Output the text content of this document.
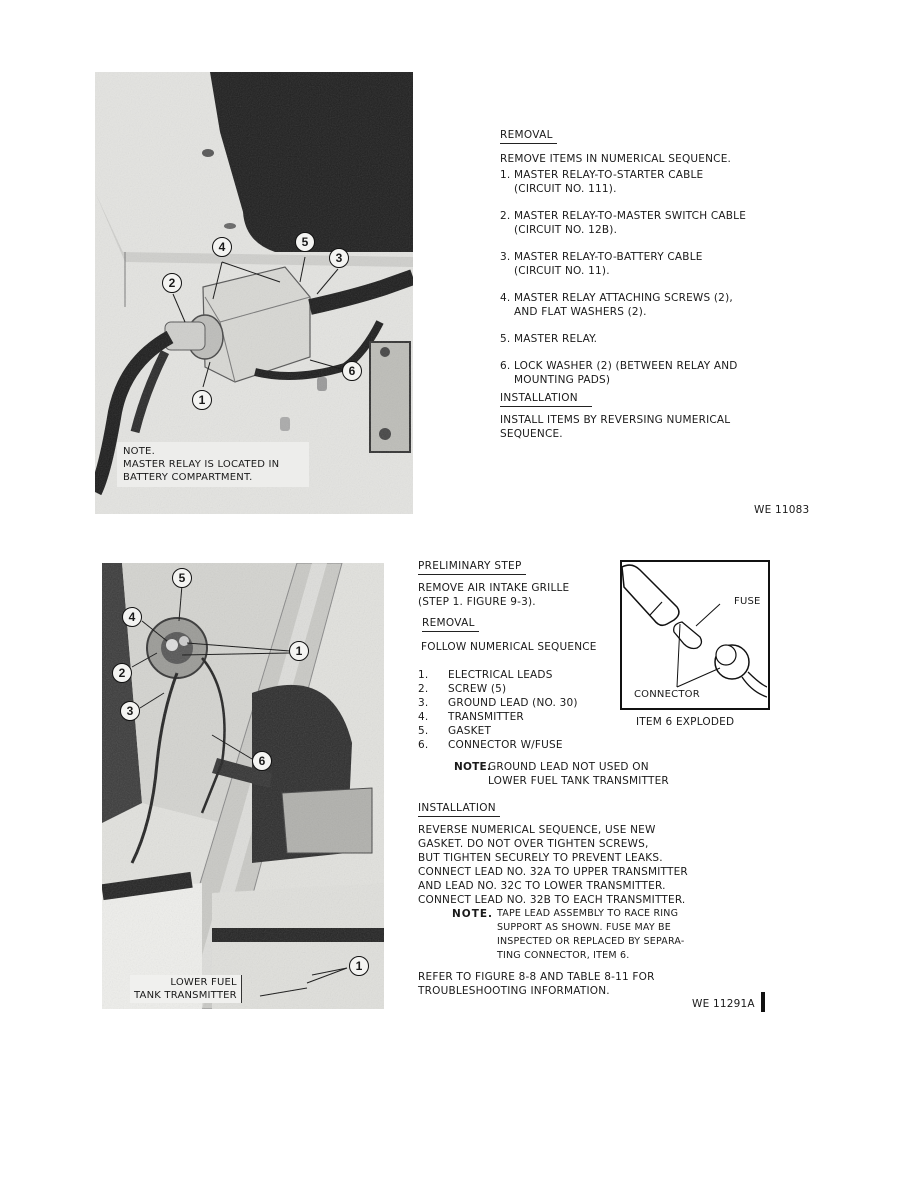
1
2
3
4	5
6
NOTE.
MASTER RELAY IS LOCATED IN
BATTERY COMPARTMENT.
REMOVAL
REMOVE ITEMS IN NUMERICAL SEQUENCE.
1. MASTER RELAY-TO-STARTER CABLE
(CIRCUIT NO. 111).
2. MASTER RELAY-TO-MASTER SWITCH CABLE
(CIRCUIT NO. 12B).
3. MASTER RELAY-TO-BATTERY CABLE
(CIRCUIT NO. 11).
4. MASTER RELAY ATTACHING SCREWS (2),
AND FLAT WASHERS (2).
5. MASTER RELAY.
6. LOCK WASHER (2) (BETWEEN RELAY AND
MOUNTING PADS)
INSTALLATION
INSTALL ITEMS BY REVERSING NUMERICAL
SEQUENCE.
WE 11083
1
2
3
4
5
6
1
LOWER FUEL
TANK TRANSMITTER
FUSE
CONNECTOR
ITEM 6 EXPLODED
PRELIMINARY STEP
REMOVE AIR INTAKE GRILLE
(STEP 1. FIGURE 9-3).
REMOVAL
FOLLOW NUMERICAL SEQUENCE
1.	ELECTRICAL LEADS
2.	SCREW (5)
3.	GROUND LEAD (NO. 30)
4.	TRANSMITTER
5.	GASKET
6.	CONNECTOR W/FUSE
NOTE.
GROUND LEAD NOT USED ON
LOWER FUEL TANK TRANSMITTER
INSTALLATION
REVERSE NUMERICAL SEQUENCE, USE NEW
GASKET. DO NOT OVER TIGHTEN SCREWS,
BUT TIGHTEN SECURELY TO PREVENT LEAKS.
CONNECT LEAD NO. 32A TO UPPER TRANSMITTER
AND LEAD NO. 32C TO LOWER TRANSMITTER.
CONNECT LEAD NO. 32B TO EACH TRANSMITTER.
NOTE. TAPE LEAD ASSEMBLY TO RACE RING
SUPPORT AS SHOWN. FUSE MAY BE
INSPECTED OR REPLACED BY SEPARA-
TING CONNECTOR, ITEM 6.
REFER TO FIGURE 8-8 AND TABLE 8-11 FOR
TROUBLESHOOTING INFORMATION.
WE 11291A
